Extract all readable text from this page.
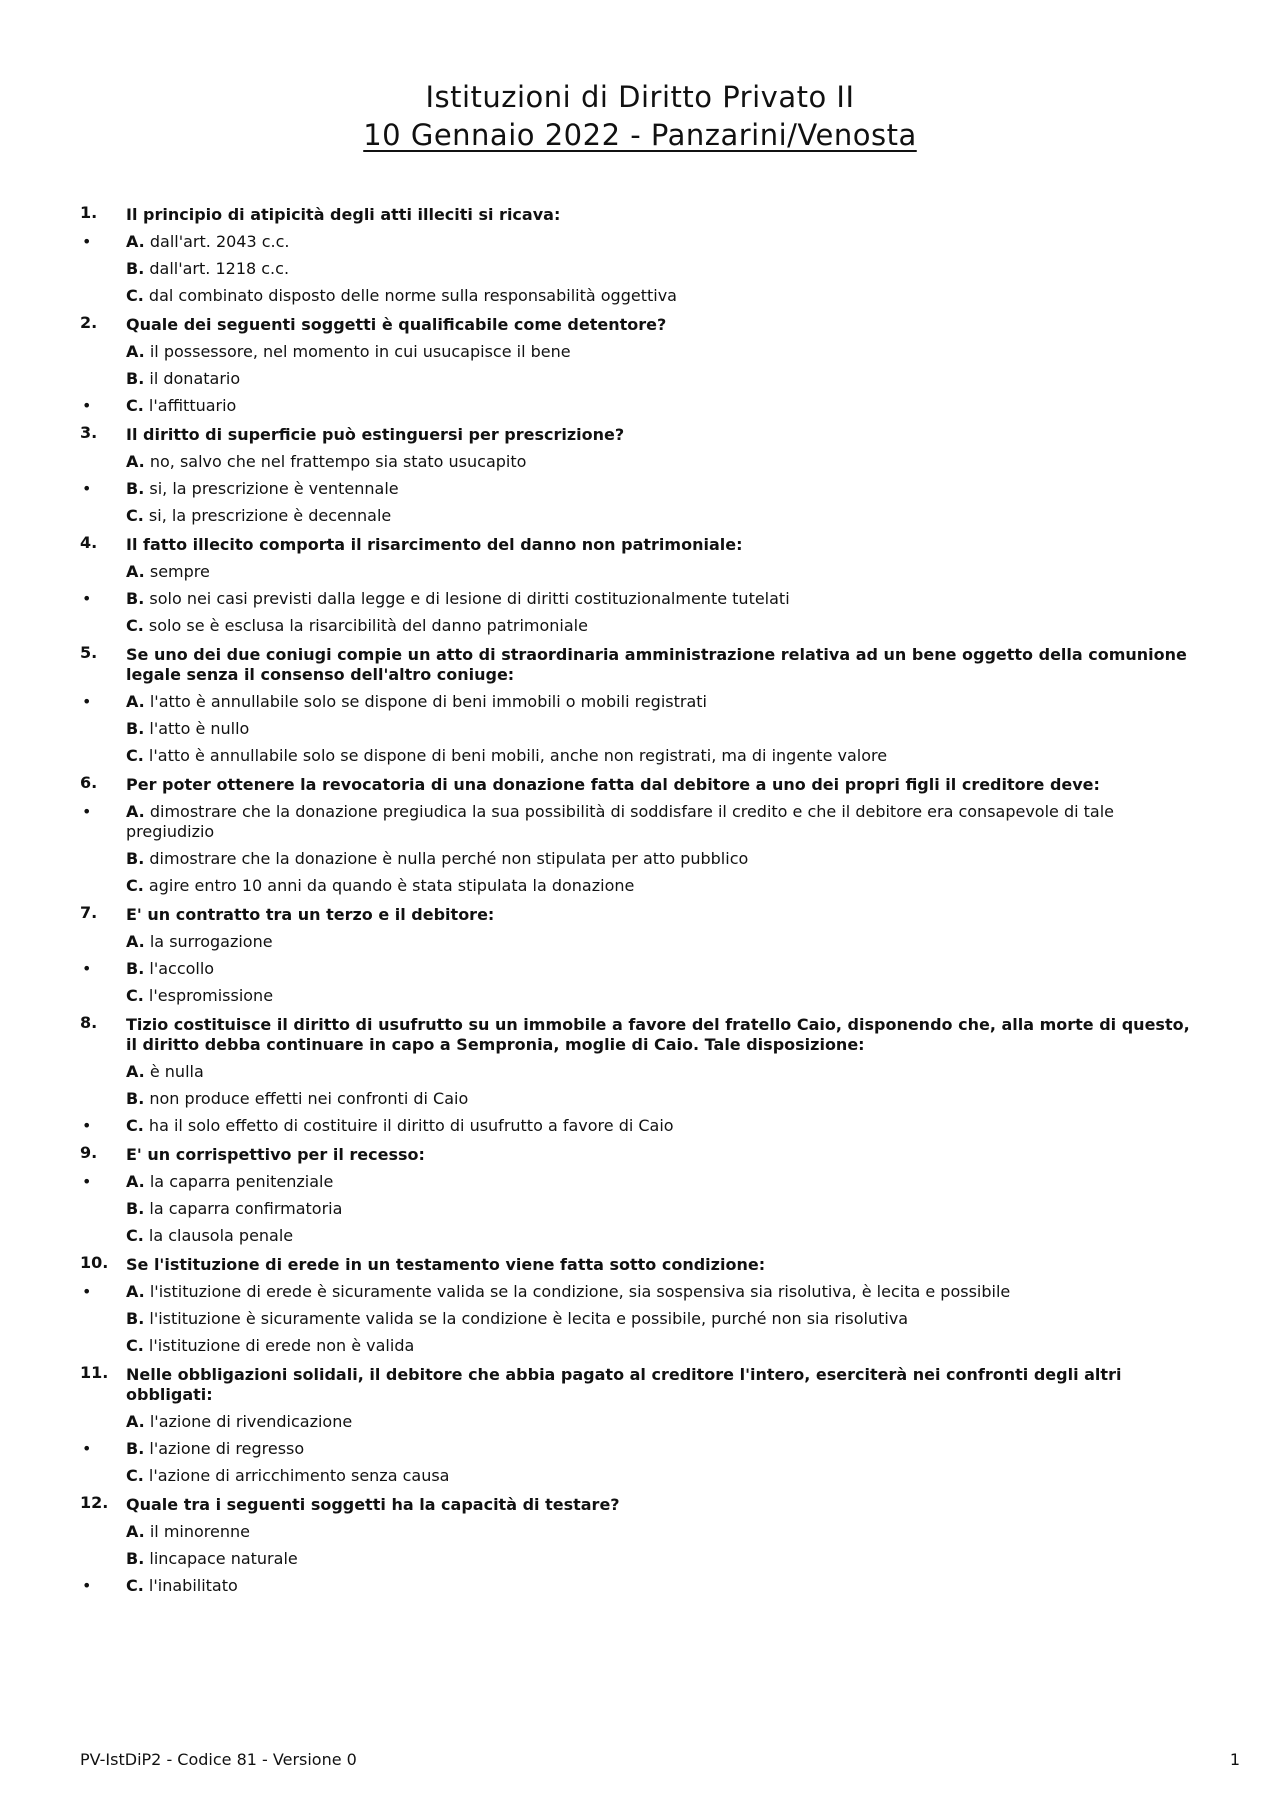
Istituzioni di Diritto Privato II
10 Gennaio 2022 - Panzarini/Venosta
1.	Il principio di atipicità degli atti illeciti si ricava:
• A. dall'art. 2043 c.c.
B. dall'art. 1218 c.c.
C. dal combinato disposto delle norme sulla responsabilità oggettiva
2.	Quale dei seguenti soggetti è qualificabile come detentore?
A. il possessore, nel momento in cui usucapisce il bene
B. il donatario
• C. l'affittuario
3.	Il diritto di superficie può estinguersi per prescrizione?
A. no, salvo che nel frattempo sia stato usucapito
• B. si, la prescrizione è ventennale
C. si, la prescrizione è decennale
4.	Il fatto illecito comporta il risarcimento del danno non patrimoniale:
A. sempre
• B. solo nei casi previsti dalla legge e di lesione di diritti costituzionalmente tutelati
C. solo se è esclusa la risarcibilità del danno patrimoniale
5.	Se uno dei due coniugi compie un atto di straordinaria amministrazione relativa ad un bene oggetto della comunione legale senza il consenso dell'altro coniuge:
• A. l'atto è annullabile solo se dispone di beni immobili o mobili registrati
B. l'atto è nullo
C. l'atto è annullabile solo se dispone di beni mobili, anche non registrati, ma di ingente valore
6.	Per poter ottenere la revocatoria di una donazione fatta dal debitore a uno dei propri figli il creditore deve:
• A. dimostrare che la donazione pregiudica la sua possibilità di soddisfare il credito e che il debitore era consapevole di tale pregiudizio
B. dimostrare che la donazione è nulla perché non stipulata per atto pubblico
C. agire entro 10 anni da quando è stata stipulata la donazione
7.	E' un contratto tra un terzo e il debitore:
A. la surrogazione
• B. l'accollo
C. l'espromissione
8.	Tizio costituisce il diritto di usufrutto su un immobile a favore del fratello Caio, disponendo che, alla morte di questo, il diritto debba continuare in capo a Sempronia, moglie di Caio. Tale disposizione:
A. è nulla
B. non produce effetti nei confronti di Caio
• C. ha il solo effetto di costituire il diritto di usufrutto a favore di Caio
9.	E' un corrispettivo per il recesso:
• A. la caparra penitenziale
B. la caparra confirmatoria
C. la clausola penale
10.	Se l'istituzione di erede in un testamento viene fatta sotto condizione:
• A. l'istituzione di erede è sicuramente valida se la condizione, sia sospensiva sia risolutiva, è lecita e possibile
B. l'istituzione è sicuramente valida se la condizione è lecita e possibile, purché non sia risolutiva
C. l'istituzione di erede non è valida
11.	Nelle obbligazioni solidali, il debitore che abbia pagato al creditore l'intero, eserciterà nei confronti degli altri obbligati:
A. l'azione di rivendicazione
• B. l'azione di regresso
C. l'azione di arricchimento senza causa
12.	Quale tra i seguenti soggetti ha la capacità di testare?
A. il minorenne
B. lincapace naturale
• C. l'inabilitato
PV-IstDiP2 - Codice 81 - Versione 0	1
